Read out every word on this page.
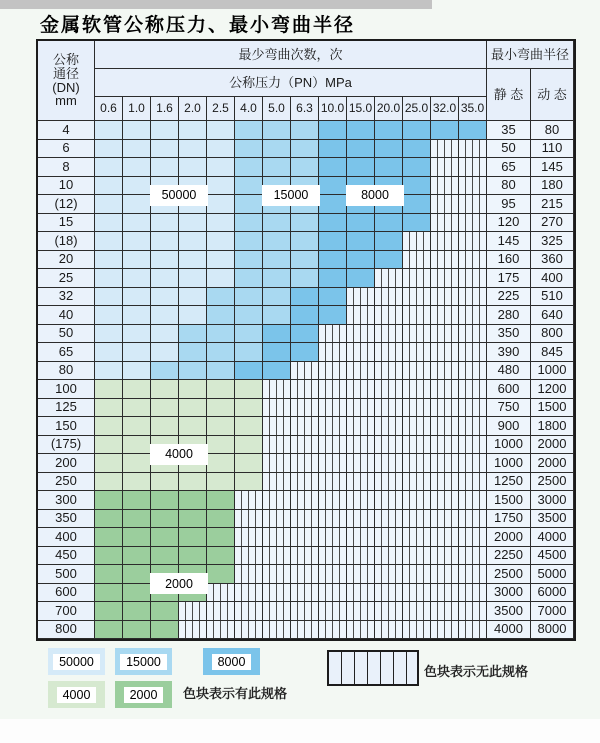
金属软管公称压力、最小弯曲半径
公称
通径
(DN)
mm
最少弯曲次数，次	最小弯曲半径
公称压力（PN）MPa
静 态	动 态
0.6 1.0 1.6 2.0 2.5 4.0 5.0 6.3 10.0 15.0 20.0 25.0 32.0 35.0
4	35	80
6	50	110
8	65	145
10	80	180
(12)	95	215
15	120	270
(18)	145	325
20	160	360
25	175	400
32	225	510
40	280	640
50	350	800
65	390	845
80	480	1000
100	600	1200
125	750	1500
150	900	1800
(175)	1000	2000
200	1000	2000
250	1250	2500
300	1500	3000
350	1750	3500
400	2000	4000
450	2250	4500
500	2500	5000
600	3000	6000
700	3500	7000
800	4000	8000
50000	15000	8000
4000
2000
色块表示有此规格
色块表示无此规格
50000	15000	8000
4000	2000
